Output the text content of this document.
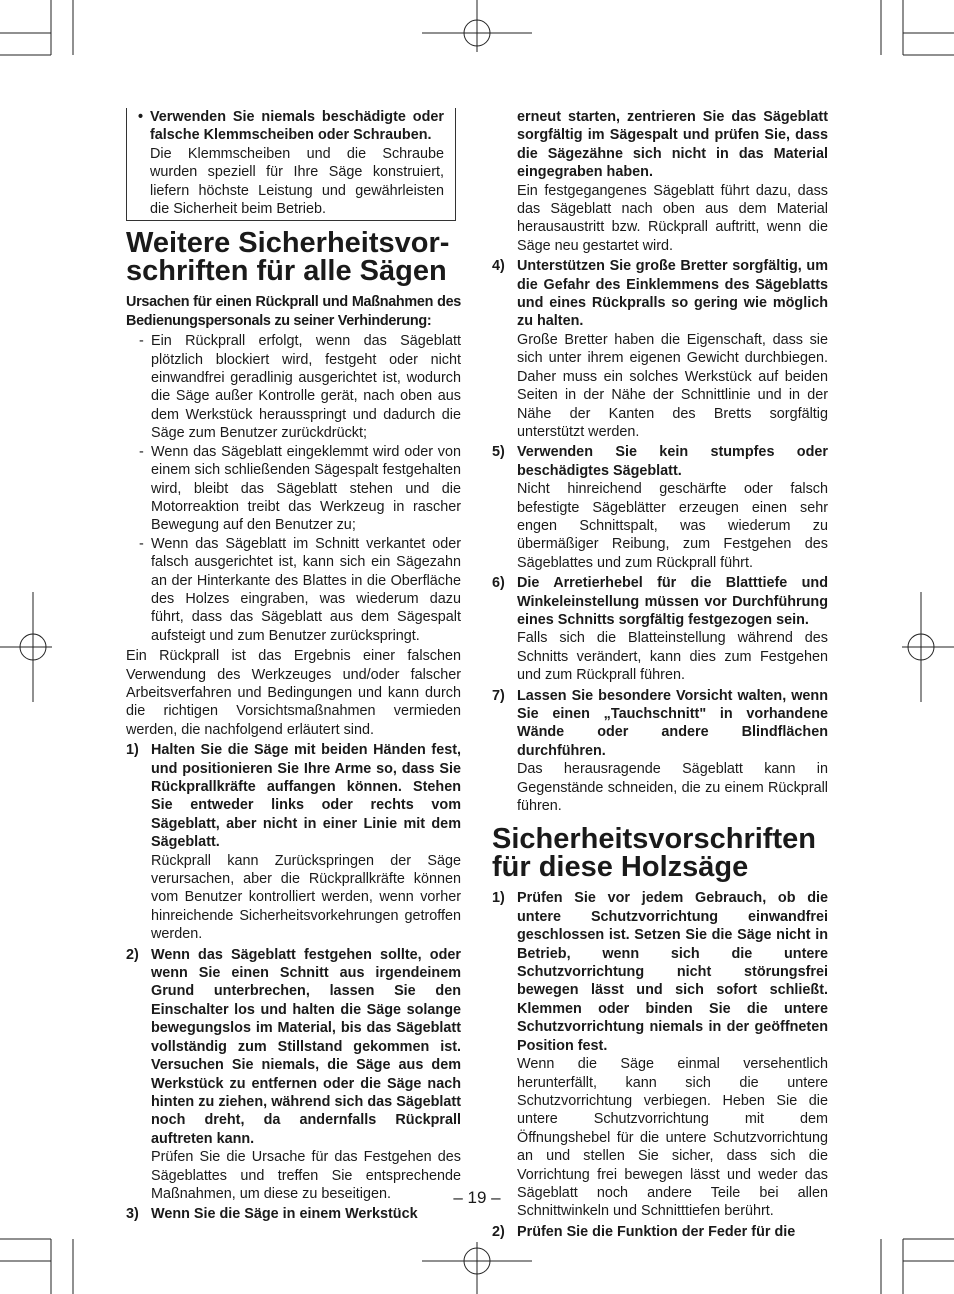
• Verwenden Sie niemals beschädigte oder falsche Klemmscheiben oder Schrauben.

Die Klemmscheiben und die Schraube wurden speziell für Ihre Säge konstruiert, liefern höchste Leistung und gewährleisten die Sicherheit beim Betrieb.

Weitere Sicherheitsvor-schriften für alle Sägen

Ursachen für einen Rückprall und Maßnahmen des Bedienungspersonals zu seiner Verhinderung:

- Ein Rückprall erfolgt, wenn das Sägeblatt plötzlich blockiert wird, festgeht oder nicht einwandfrei geradlinig ausgerichtet ist, wodurch die Säge außer Kontrolle gerät, nach oben aus dem Werkstück herausspringt und dadurch die Säge zum Benutzer zurückdrückt;

- Wenn das Sägeblatt eingeklemmt wird oder von einem sich schließenden Sägespalt festgehalten wird, bleibt das Sägeblatt stehen und die Motorreaktion treibt das Werkzeug in rascher Bewegung auf den Benutzer zu;

- Wenn das Sägeblatt im Schnitt verkantet oder falsch ausgerichtet ist, kann sich ein Sägezahn an der Hinterkante des Blattes in die Oberfläche des Holzes eingraben, was wiederum dazu führt, dass das Sägeblatt aus dem Sägespalt aufsteigt und zum Benutzer zurückspringt.

Ein Rückprall ist das Ergebnis einer falschen Verwendung des Werkzeuges und/oder falscher Arbeitsverfahren und Bedingungen und kann durch die richtigen Vorsichtsmaßnahmen vermieden werden, die nachfolgend erläutert sind.

1) Halten Sie die Säge mit beiden Händen fest, und positionieren Sie Ihre Arme so, dass Sie Rückprallkräfte auffangen können. Stehen Sie entweder links oder rechts vom Sägeblatt, aber nicht in einer Linie mit dem Sägeblatt.

Rückprall kann Zurückspringen der Säge verursachen, aber die Rückprallkräfte können vom Benutzer kontrolliert werden, wenn vorher hinreichende Sicherheitsvorkehrungen getroffen werden.

2) Wenn das Sägeblatt festgehen sollte, oder wenn Sie einen Schnitt aus irgendeinem Grund unterbrechen, lassen Sie den Einschalter los und halten die Säge solange bewegungslos im Material, bis das Sägeblatt vollständig zum Stillstand gekommen ist. Versuchen Sie niemals, die Säge aus dem Werkstück zu entfernen oder die Säge nach hinten zu ziehen, während sich das Sägeblatt noch dreht, da andernfalls Rückprall auftreten kann.

Prüfen Sie die Ursache für das Festgehen des Sägeblattes und treffen Sie entsprechende Maßnahmen, um diese zu beseitigen.

3) Wenn Sie die Säge in einem Werkstück

erneut starten, zentrieren Sie das Sägeblatt sorgfältig im Sägespalt und prüfen Sie, dass die Sägezähne sich nicht in das Material eingegraben haben.

Ein festgegangenes Sägeblatt führt dazu, dass das Sägeblatt nach oben aus dem Material herausaustritt bzw. Rückprall auftritt, wenn die Säge neu gestartet wird.

4) Unterstützen Sie große Bretter sorgfältig, um die Gefahr des Einklemmens des Sägeblatts und eines Rückpralls so gering wie möglich zu halten.

Große Bretter haben die Eigenschaft, dass sie sich unter ihrem eigenen Gewicht durchbiegen. Daher muss ein solches Werkstück auf beiden Seiten in der Nähe der Schnittlinie und in der Nähe der Kanten des Bretts sorgfältig unterstützt werden.

5) Verwenden Sie kein stumpfes oder beschädigtes Sägeblatt.

Nicht hinreichend geschärfte oder falsch befestigte Sägeblätter erzeugen einen sehr engen Schnittspalt, was wiederum zu übermäßiger Reibung, zum Festgehen des Sägeblattes und zum Rückprall führt.

6) Die Arretierhebel für die Blatttiefe und Winkeleinstellung müssen vor Durchführung eines Schnitts sorgfältig festgezogen sein.

Falls sich die Blatteinstellung während des Schnitts verändert, kann dies zum Festgehen und zum Rückprall führen.

7) Lassen Sie besondere Vorsicht walten, wenn Sie einen „Tauchschnitt" in vorhandene Wände oder andere Blindflächen durchführen.

Das herausragende Sägeblatt kann in Gegenstände schneiden, die zu einem Rückprall führen.

Sicherheitsvorschriften für diese Holzsäge
1) Prüfen Sie vor jedem Gebrauch, ob die untere Schutzvorrichtung einwandfrei geschlossen ist. Setzen Sie die Säge nicht in Betrieb, wenn sich die untere Schutzvorrichtung nicht störungsfrei bewegen lässt und sich sofort schließt. Klemmen oder binden Sie die untere Schutzvorrichtung niemals in der geöffneten Position fest.

Wenn die Säge einmal versehentlich herunterfällt, kann sich die untere Schutzvorrichtung verbiegen. Heben Sie die untere Schutzvorrichtung mit dem Öffnungshebel für die untere Schutzvorrichtung an und stellen Sie sicher, dass sich die Vorrichtung frei bewegen lässt und weder das Sägeblatt noch andere Teile bei allen Schnittwinkeln und Schnitttiefen berührt.

2) Prüfen Sie die Funktion der Feder für die

– 19 –
